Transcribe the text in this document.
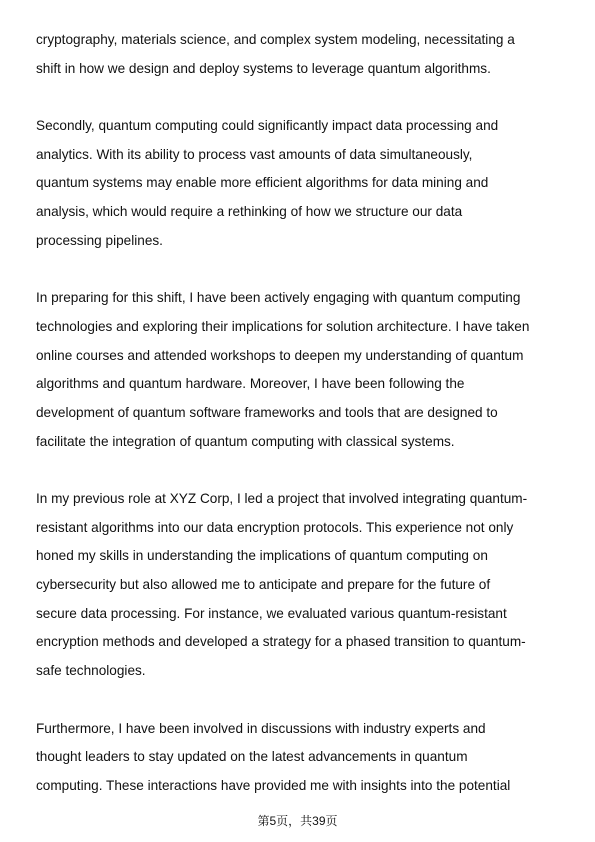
cryptography, materials science, and complex system modeling, necessitating a
shift in how we design and deploy systems to leverage quantum algorithms.
Secondly, quantum computing could significantly impact data processing and
analytics. With its ability to process vast amounts of data simultaneously,
quantum systems may enable more efficient algorithms for data mining and
analysis, which would require a rethinking of how we structure our data
processing pipelines.
In preparing for this shift, I have been actively engaging with quantum computing
technologies and exploring their implications for solution architecture. I have taken
online courses and attended workshops to deepen my understanding of quantum
algorithms and quantum hardware. Moreover, I have been following the
development of quantum software frameworks and tools that are designed to
facilitate the integration of quantum computing with classical systems.
In my previous role at XYZ Corp, I led a project that involved integrating quantum-
resistant algorithms into our data encryption protocols. This experience not only
honed my skills in understanding the implications of quantum computing on
cybersecurity but also allowed me to anticipate and prepare for the future of
secure data processing. For instance, we evaluated various quantum-resistant
encryption methods and developed a strategy for a phased transition to quantum-
safe technologies.
Furthermore, I have been involved in discussions with industry experts and
thought leaders to stay updated on the latest advancements in quantum
computing. These interactions have provided me with insights into the potential
第5页，共39页
